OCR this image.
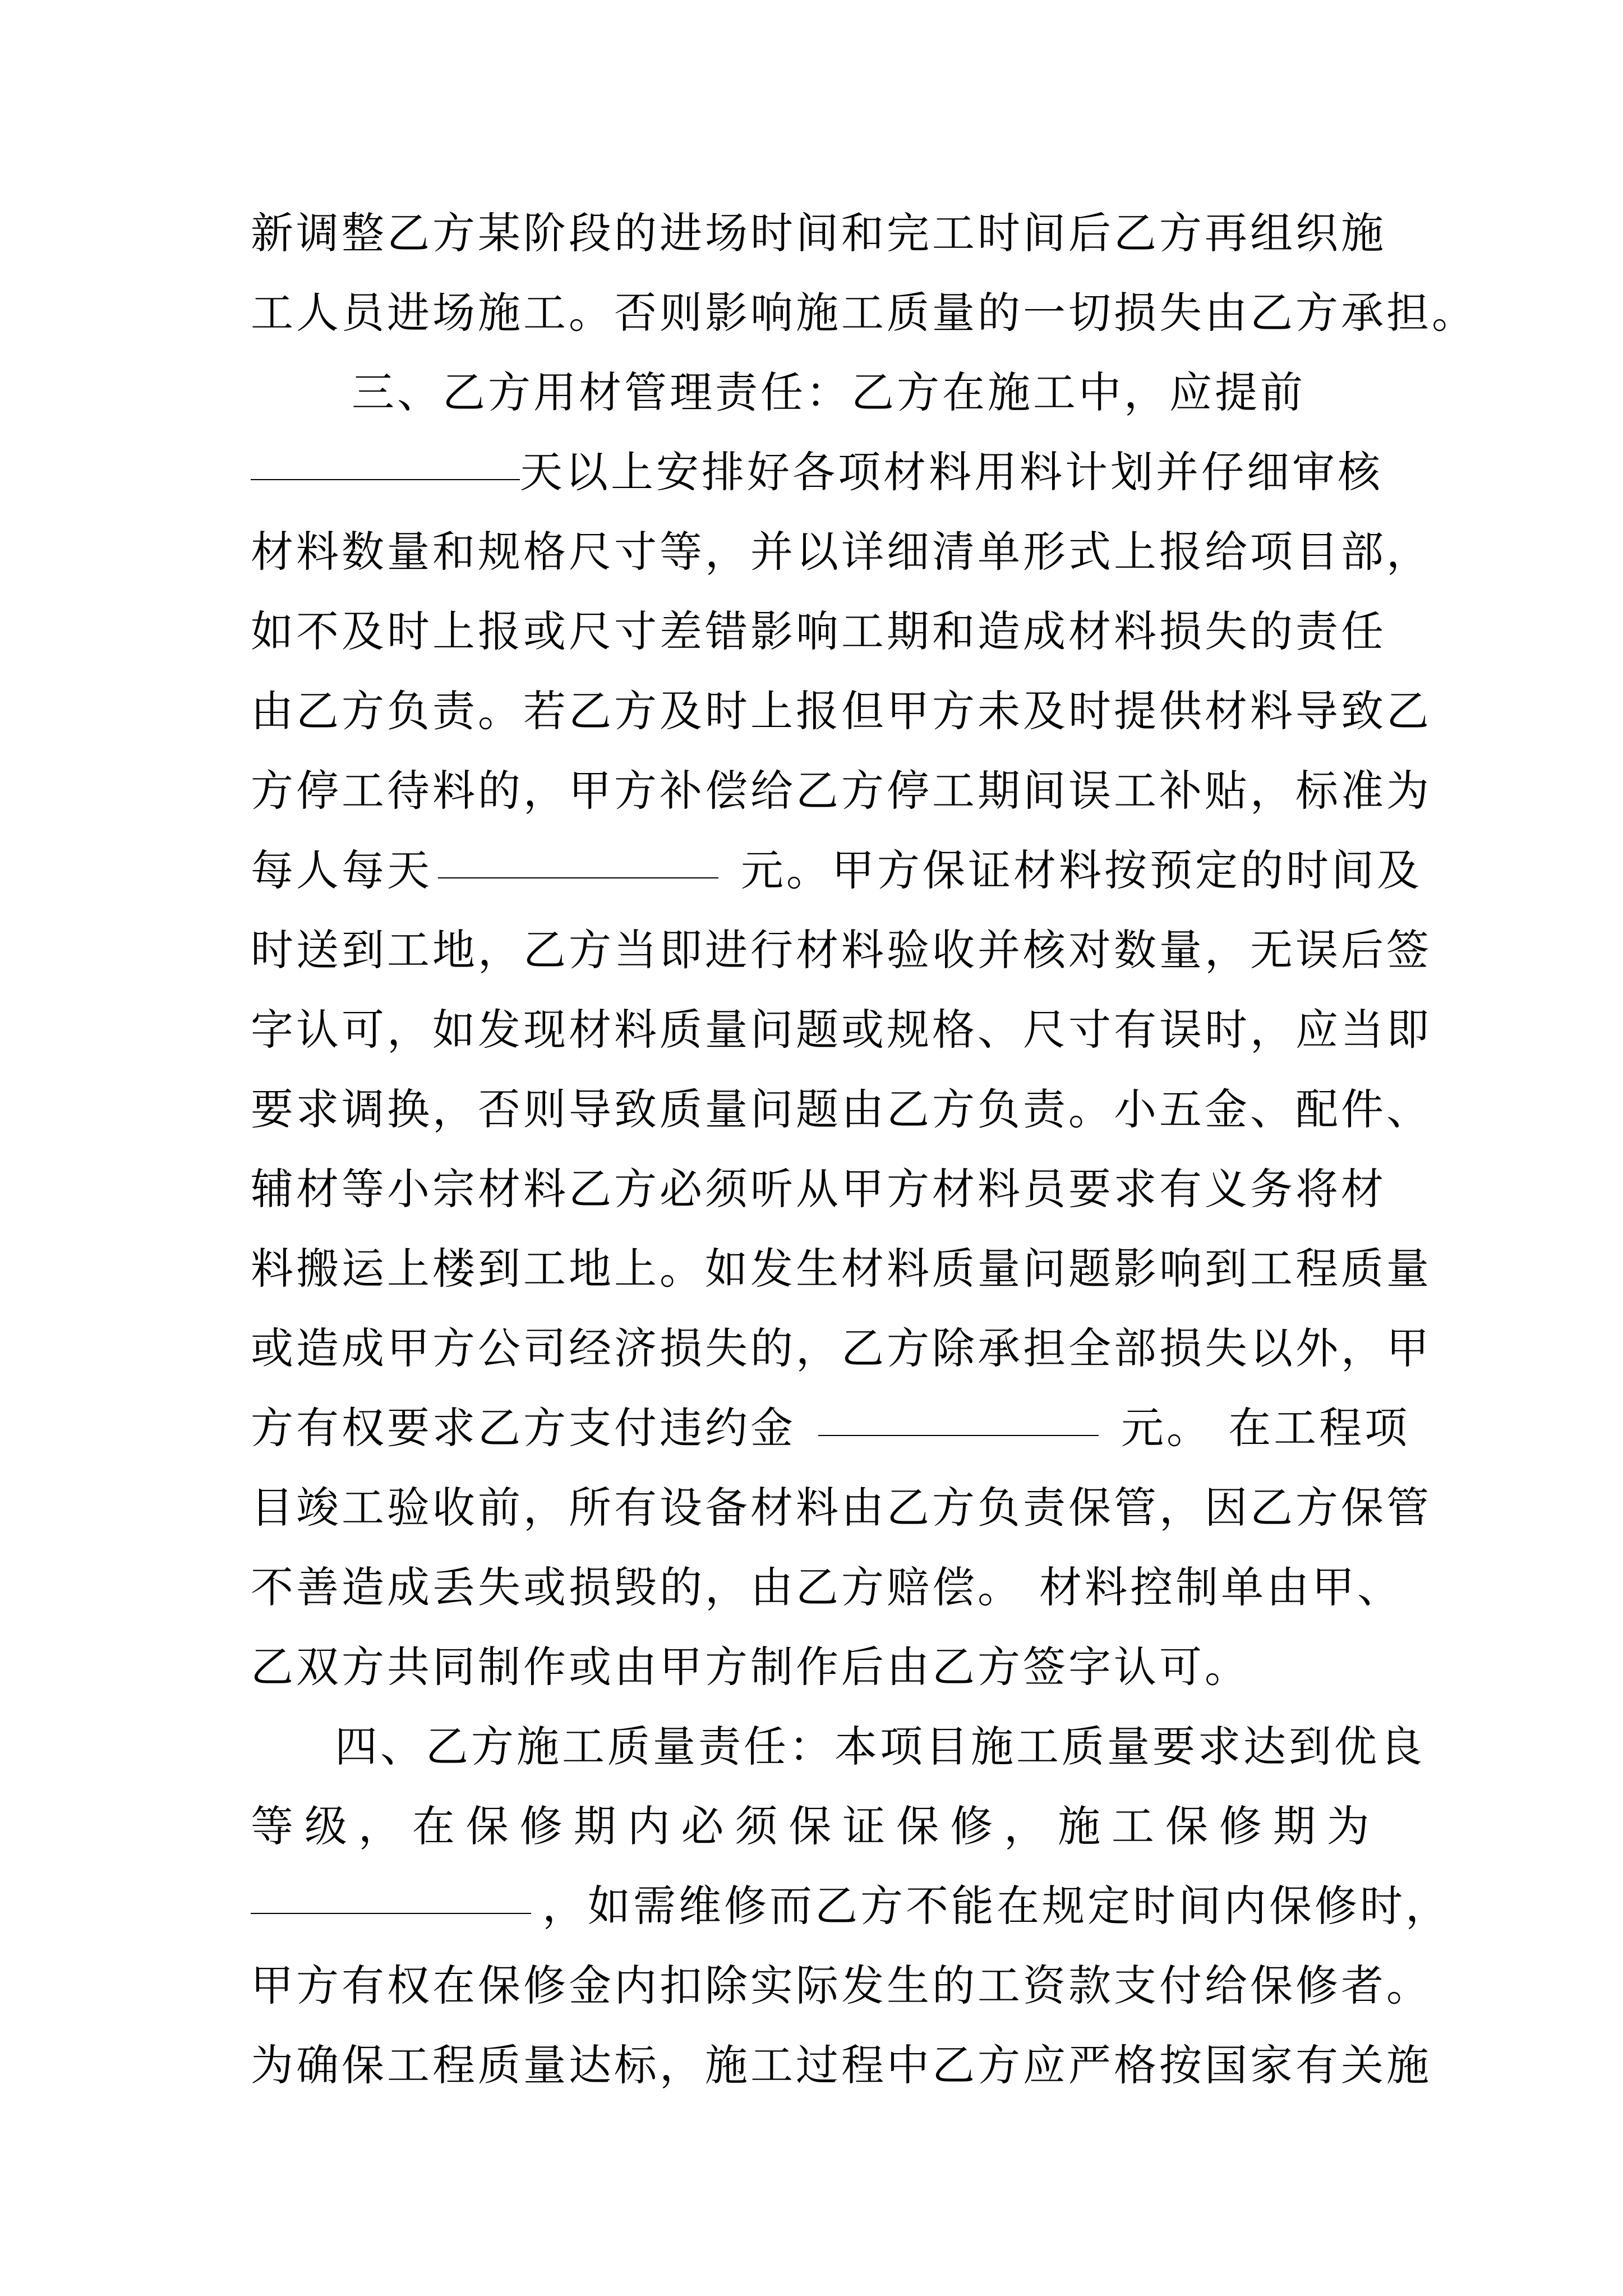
新调整乙方某阶段的进场时间和完工时间后乙方再组织施
工人员进场施工。否则影响施工质量的一切损失由乙方承担。
三、乙方用材管理责任：乙方在施工中，应提前
天以上安排好各项材料用料计划并仔细审核
材料数量和规格尺寸等，并以详细清单形式上报给项目部，
如不及时上报或尺寸差错影响工期和造成材料损失的责任
由乙方负责。若乙方及时上报但甲方未及时提供材料导致乙
方停工待料的，甲方补偿给乙方停工期间误工补贴，标准为
每人每天	元。甲方保证材料按预定的时间及
时送到工地，乙方当即进行材料验收并核对数量，无误后签
字认可，如发现材料质量问题或规格、尺寸有误时，应当即
要求调换，否则导致质量问题由乙方负责。小五金、配件、
辅材等小宗材料乙方必须听从甲方材料员要求有义务将材
料搬运上楼到工地上。如发生材料质量问题影响到工程质量
或造成甲方公司经济损失的，乙方除承担全部损失以外，甲
方有权要求乙方支付违约金	元。 在工程项
目竣工验收前，所有设备材料由乙方负责保管，因乙方保管
不善造成丢失或损毁的，由乙方赔偿。 材料控制单由甲、
乙双方共同制作或由甲方制作后由乙方签字认可。
四、乙方施工质量责任：本项目施工质量要求达到优良
等 级 ， 在 保 修 期 内 必 须 保 证 保 修 ， 施 工 保 修 期 为
，如需维修而乙方不能在规定时间内保修时，
甲方有权在保修金内扣除实际发生的工资款支付给保修者。
为确保工程质量达标，施工过程中乙方应严格按国家有关施
